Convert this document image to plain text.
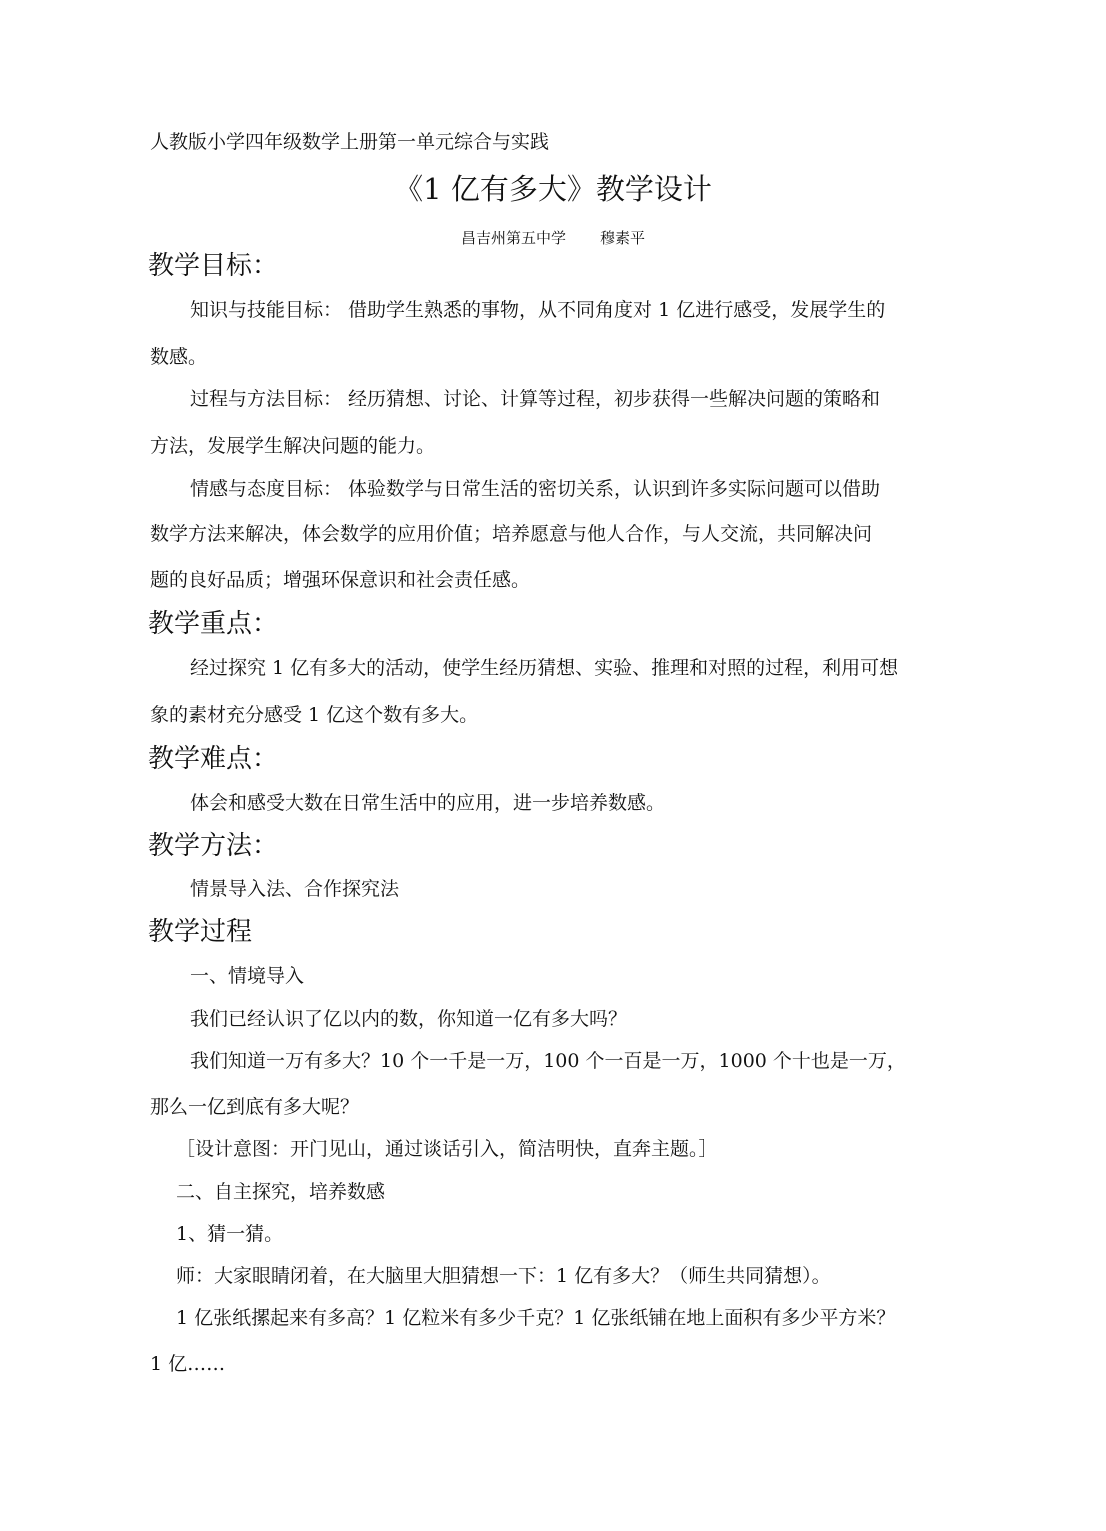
人教版小学四年级数学上册第一单元综合与实践
《1 亿有多大》教学设计
昌吉州第五中学 穆素平
教学目标：
知识与技能目标： 借助学生熟悉的事物，从不同角度对 1 亿进行感受，发展学生的
数感。
过程与方法目标： 经历猜想、讨论、计算等过程，初步获得一些解决问题的策略和
方法，发展学生解决问题的能力。
情感与态度目标： 体验数学与日常生活的密切关系，认识到许多实际问题可以借助
数学方法来解决，体会数学的应用价值；培养愿意与他人合作，与人交流，共同解决问
题的良好品质；增强环保意识和社会责任感。
教学重点：
经过探究 1 亿有多大的活动，使学生经历猜想、实验、推理和对照的过程，利用可想
象的素材充分感受 1 亿这个数有多大。
教学难点：
体会和感受大数在日常生活中的应用，进一步培养数感。
教学方法：
情景导入法、合作探究法
教学过程
一、情境导入
我们已经认识了亿以内的数，你知道一亿有多大吗？
我们知道一万有多大？10 个一千是一万，100 个一百是一万，1000 个十也是一万，
那么一亿到底有多大呢？
［设计意图：开门见山，通过谈话引入，简洁明快，直奔主题。］
二、自主探究，培养数感
1、猜一猜。
师：大家眼睛闭着，在大脑里大胆猜想一下：1 亿有多大？（师生共同猜想）。
1 亿张纸摞起来有多高？1 亿粒米有多少千克？1 亿张纸铺在地上面积有多少平方米？
1 亿……
